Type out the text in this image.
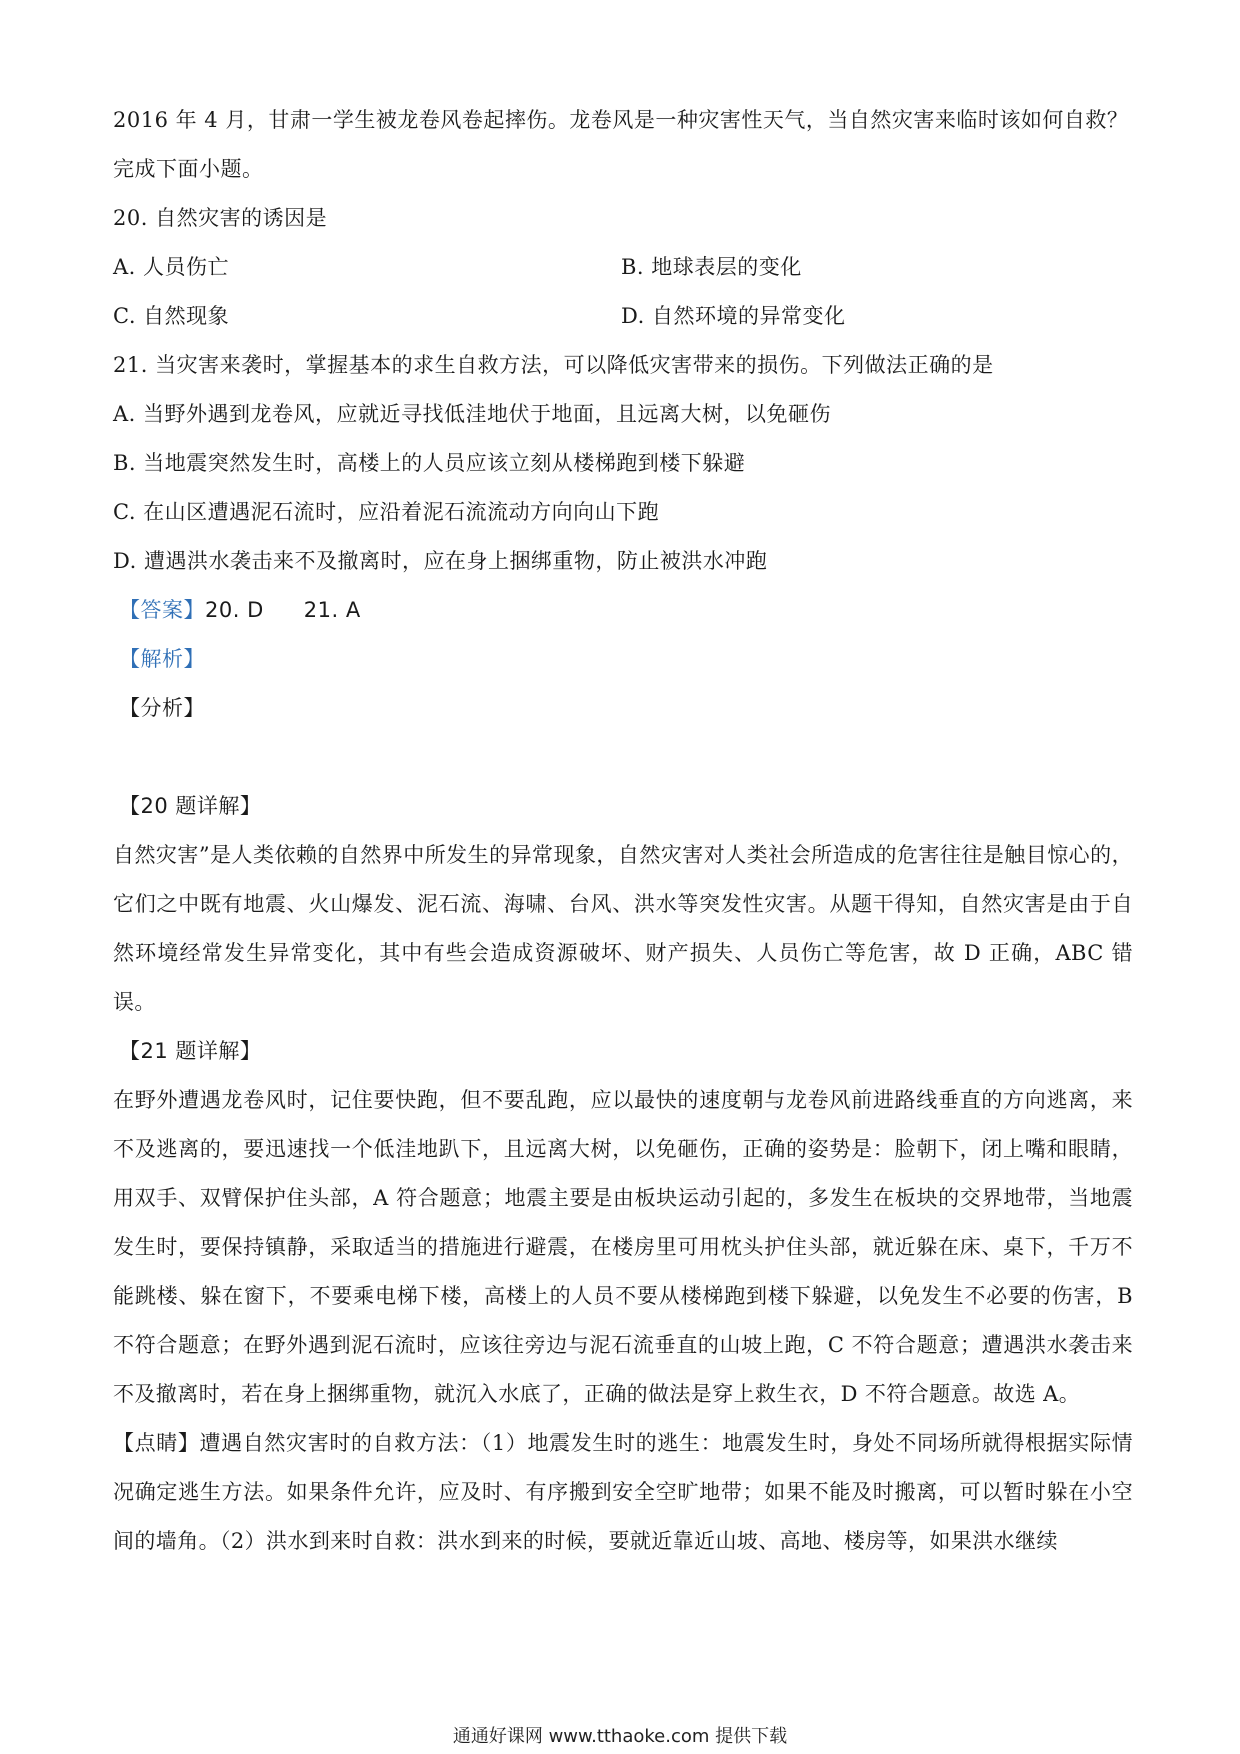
2016 年 4 月，甘肃一学生被龙卷风卷起摔伤。龙卷风是一种灾害性天气，当自然灾害来临时该如何自救？
完成下面小题。
20. 自然灾害的诱因是
A. 人员伤亡	B. 地球表层的变化
C. 自然现象	D. 自然环境的异常变化
21. 当灾害来袭时，掌握基本的求生自救方法，可以降低灾害带来的损伤。下列做法正确的是
A. 当野外遇到龙卷风，应就近寻找低洼地伏于地面，且远离大树，以免砸伤
B. 当地震突然发生时，高楼上的人员应该立刻从楼梯跑到楼下躲避
C. 在山区遭遇泥石流时，应沿着泥石流流动方向向山下跑
D. 遭遇洪水袭击来不及撤离时，应在身上捆绑重物，防止被洪水冲跑
【答案】20. D 21. A
【解析】
【分析】
【20 题详解】
自然灾害”是人类依赖的自然界中所发生的异常现象，自然灾害对人类社会所造成的危害往往是触目惊心的，它们之中既有地震、火山爆发、泥石流、海啸、台风、洪水等突发性灾害。从题干得知，自然灾害是由于自然环境经常发生异常变化，其中有些会造成资源破坏、财产损失、人员伤亡等危害，故 D 正确，ABC 错误。
【21 题详解】
在野外遭遇龙卷风时，记住要快跑，但不要乱跑，应以最快的速度朝与龙卷风前进路线垂直的方向逃离，来不及逃离的，要迅速找一个低洼地趴下，且远离大树，以免砸伤，正确的姿势是：脸朝下，闭上嘴和眼睛，用双手、双臂保护住头部，A 符合题意；地震主要是由板块运动引起的，多发生在板块的交界地带，当地震发生时，要保持镇静，采取适当的措施进行避震，在楼房里可用枕头护住头部，就近躲在床、桌下，千万不能跳楼、躲在窗下，不要乘电梯下楼，高楼上的人员不要从楼梯跑到楼下躲避，以免发生不必要的伤害，B 不符合题意；在野外遇到泥石流时，应该往旁边与泥石流垂直的山坡上跑，C 不符合题意；遭遇洪水袭击来不及撤离时，若在身上捆绑重物，就沉入水底了，正确的做法是穿上救生衣，D 不符合题意。故选 A。
【点睛】遭遇自然灾害时的自救方法：（1）地震发生时的逃生：地震发生时，身处不同场所就得根据实际情况确定逃生方法。如果条件允许，应及时、有序搬到安全空旷地带；如果不能及时搬离，可以暂时躲在小空间的墙角。（2）洪水到来时自救：洪水到来的时候，要就近靠近山坡、高地、楼房等，如果洪水继续
通通好课网 www.tthaoke.com 提供下载
